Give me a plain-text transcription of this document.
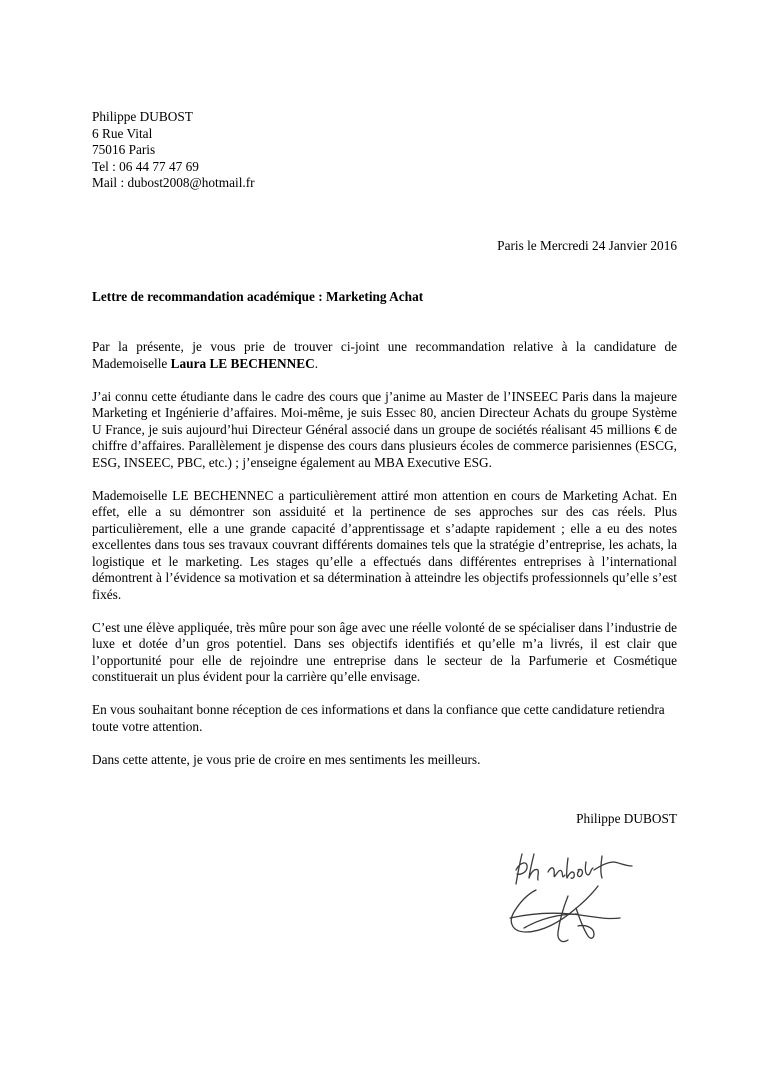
Philippe DUBOST
6 Rue Vital
75016 Paris
Tel : 06 44 77 47 69
Mail : dubost2008@hotmail.fr
Paris le Mercredi 24 Janvier 2016
Lettre de recommandation académique : Marketing Achat

Par la présente, je vous prie de trouver ci-joint une recommandation relative à la candidature de Mademoiselle Laura LE BECHENNEC.

J’ai connu cette étudiante dans le cadre des cours que j’anime au Master de l’INSEEC Paris dans la majeure Marketing et Ingénierie d’affaires. Moi-même, je suis Essec 80, ancien Directeur Achats du groupe Système U France, je suis aujourd’hui Directeur Général associé dans un groupe de sociétés réalisant 45 millions € de chiffre d’affaires. Parallèlement je dispense des cours dans plusieurs écoles de commerce parisiennes (ESCG, ESG, INSEEC, PBC, etc.) ; j’enseigne également au MBA Executive ESG.

Mademoiselle LE BECHENNEC a particulièrement attiré mon attention en cours de Marketing Achat. En effet, elle a su démontrer son assiduité et la pertinence de ses approches sur des cas réels. Plus particulièrement, elle a une grande capacité d’apprentissage et s’adapte rapidement ; elle a eu des notes excellentes dans tous ses travaux couvrant différents domaines tels que la stratégie d’entreprise, les achats, la logistique et le marketing. Les stages qu’elle a effectués dans différentes entreprises à l’international démontrent à l’évidence sa motivation et sa détermination à atteindre les objectifs professionnels qu’elle s’est fixés.

C’est une élève appliquée, très mûre pour son âge avec une réelle volonté de se spécialiser dans l’industrie de luxe et dotée d’un gros potentiel. Dans ses objectifs identifiés et qu’elle m’a livrés, il est clair que l’opportunité pour elle de rejoindre une entreprise dans le secteur de la Parfumerie et Cosmétique constituerait un plus évident pour la carrière qu’elle envisage.

En vous souhaitant bonne réception de ces informations et dans la confiance que cette candidature retiendra toute votre attention.

Dans cette attente, je vous prie de croire en mes sentiments les meilleurs.

Philippe DUBOST
